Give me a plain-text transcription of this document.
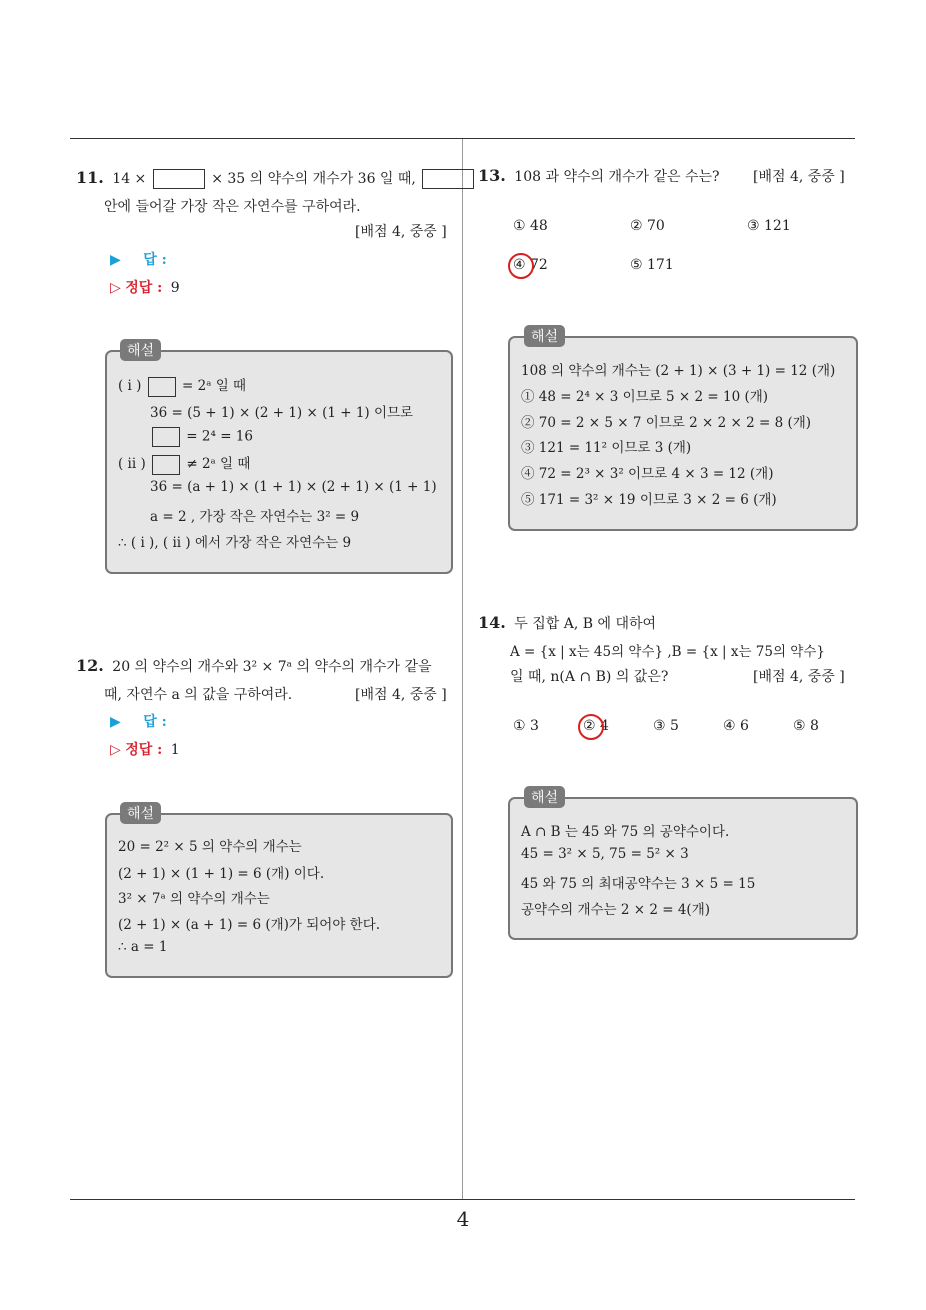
11. 14 ×	× 35 의 약수의 개수가 36 일 때,
안에 들어갈 가장 작은 자연수를 구하여라.
[배점 4, 중중 ]
▶ 답 :
▷ 정답 : 9
해설
( i )	= 2ᵃ 일 때
36 = (5 + 1) × (2 + 1) × (1 + 1) 이므로
= 2⁴ = 16
( ii )	≠ 2ᵃ 일 때
36 = (a + 1) × (1 + 1) × (2 + 1) × (1 + 1)
a = 2 , 가장 작은 자연수는 3² = 9
∴ ( i ), ( ii ) 에서 가장 작은 자연수는 9
12. 20 의 약수의 개수와 3² × 7ᵃ 의 약수의 개수가 같을
때, 자연수 a 의 값을 구하여라.	[배점 4, 중중 ]
▶ 답 :
▷ 정답 : 1
해설
20 = 2² × 5 의 약수의 개수는
(2 + 1) × (1 + 1) = 6 (개) 이다.
3² × 7ᵃ 의 약수의 개수는
(2 + 1) × (a + 1) = 6 (개)가 되어야 한다.
∴ a = 1
13. 108 과 약수의 개수가 같은 수는? [배점 4, 중중 ]
① 48	② 70	③ 121
④ 72	⑤ 171
해설
108 의 약수의 개수는 (2 + 1) × (3 + 1) = 12 (개)
① 48 = 2⁴ × 3 이므로 5 × 2 = 10 (개)
② 70 = 2 × 5 × 7 이므로 2 × 2 × 2 = 8 (개)
③ 121 = 11² 이므로 3 (개)
④ 72 = 2³ × 3² 이므로 4 × 3 = 12 (개)
⑤ 171 = 3² × 19 이므로 3 × 2 = 6 (개)
14. 두 집합 A, B 에 대하여
A = {x | x는 45의 약수} ,B = {x | x는 75의 약수}
일 때, n(A ∩ B) 의 값은?	[배점 4, 중중 ]
① 3	② 4	③ 5	④ 6	⑤ 8
해설
A ∩ B 는 45 와 75 의 공약수이다.
45 = 3² × 5, 75 = 5² × 3
45 와 75 의 최대공약수는 3 × 5 = 15
공약수의 개수는 2 × 2 = 4(개)
4
